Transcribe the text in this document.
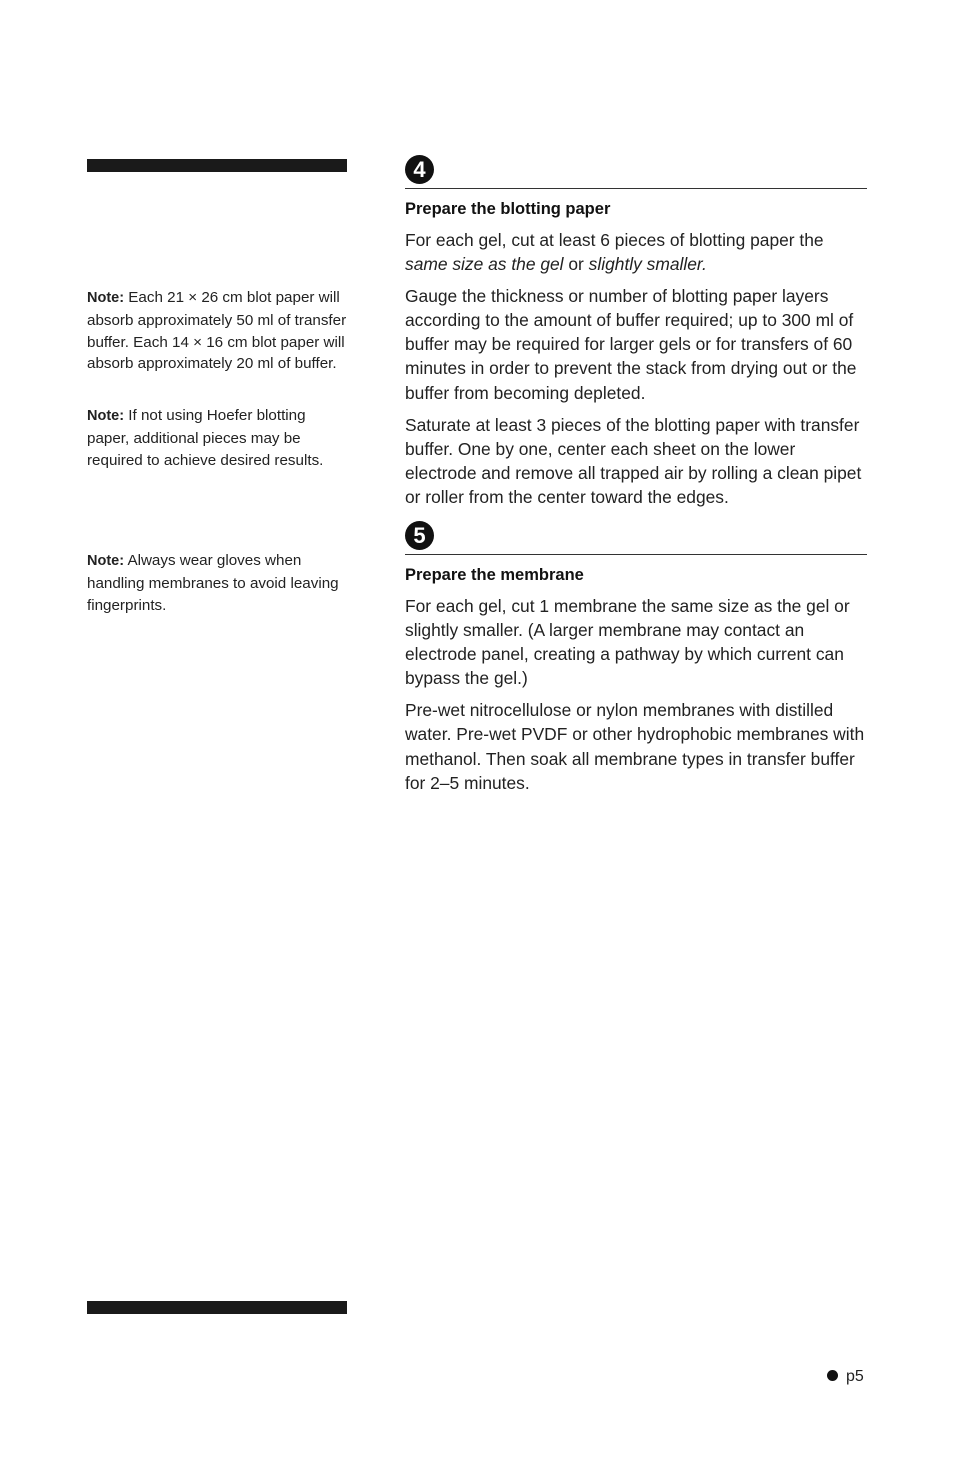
Note: Each 21 × 26 cm blot paper will absorb approximately 50 ml of transfer buffer. Each 14 × 16 cm blot paper will absorb approximately 20 ml of buffer.
Note: If not using Hoefer blotting paper, additional pieces may be required to achieve desired results.
Note: Always wear gloves when handling membranes to avoid leaving fingerprints.
4
Prepare the blotting paper
For each gel, cut at least 6 pieces of blotting paper the same size as the gel or slightly smaller.
Gauge the thickness or number of blotting paper layers according to the amount of buffer required; up to 300 ml of buffer may be required for larger gels or for transfers of 60 minutes in order to prevent the stack from drying out or the buffer from becoming depleted.
Saturate at least 3 pieces of the blotting paper with transfer buffer. One by one, center each sheet on the lower electrode and remove all trapped air by rolling a clean pipet or roller from the center toward the edges.
5
Prepare the membrane
For each gel, cut 1 membrane the same size as the gel or slightly smaller. (A larger membrane may contact an electrode panel, creating a pathway by which current can bypass the gel.)
Pre-wet nitrocellulose or nylon membranes with distilled water. Pre-wet PVDF or other hydrophobic membranes with methanol. Then soak all membrane types in transfer buffer for 2–5 minutes.
p5
